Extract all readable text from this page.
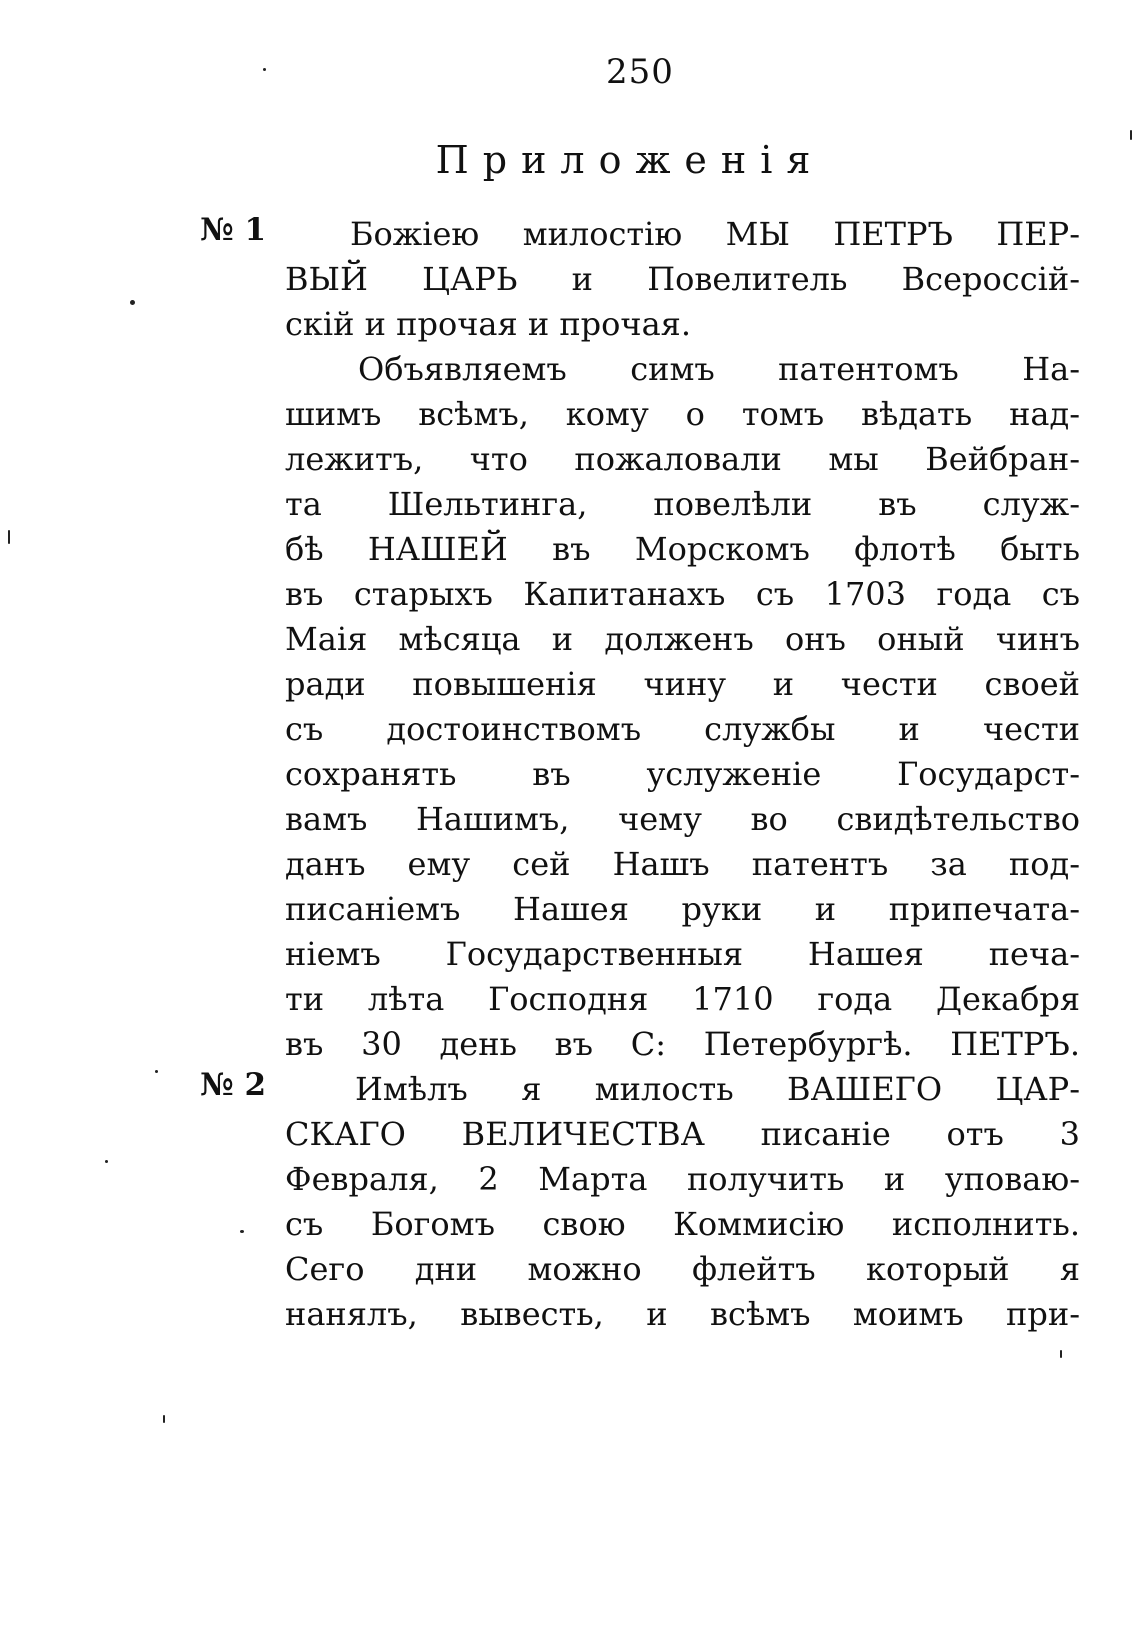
250
Приложенія
№ 1	Божіею милостію МЫ ПЕТРЪ ПЕР-
ВЫЙ ЦАРЬ и Повелитель Всероссій-
скій и прочая и прочая.
Объявляемъ симъ патентомъ На-
шимъ всѣмъ, кому о томъ вѣдать над-
лежитъ, что пожаловали мы Вейбран-
та Шельтинга, повелѣли въ служ-
бѣ НАШЕЙ въ Морскомъ флотѣ быть
въ старыхъ Капитанахъ съ 1703 года съ
Маія мѣсяца и долженъ онъ оный чинъ
ради повышенія чину и чести своей
съ достоинствомъ службы и чести
сохранять въ услуженіе Государст-
вамъ Нашимъ, чему во свидѣтельство
данъ ему сей Нашъ патентъ за под-
писаніемъ Нашея руки и припечата-
ніемъ Государственныя Нашея печа-
ти лѣта Господня 1710 года Декабря
въ 30 день въ С: Петербургѣ. ПЕТРЪ.
№ 2	Имѣлъ я милость ВАШЕГО ЦАР-
СКАГО ВЕЛИЧЕСТВА писаніе отъ 3
Февраля, 2 Марта получить и уповаю-
съ Богомъ свою Коммисію исполнить.
Сего дни можно флейтъ который я
нанялъ, вывесть, и всѣмъ моимъ при-
